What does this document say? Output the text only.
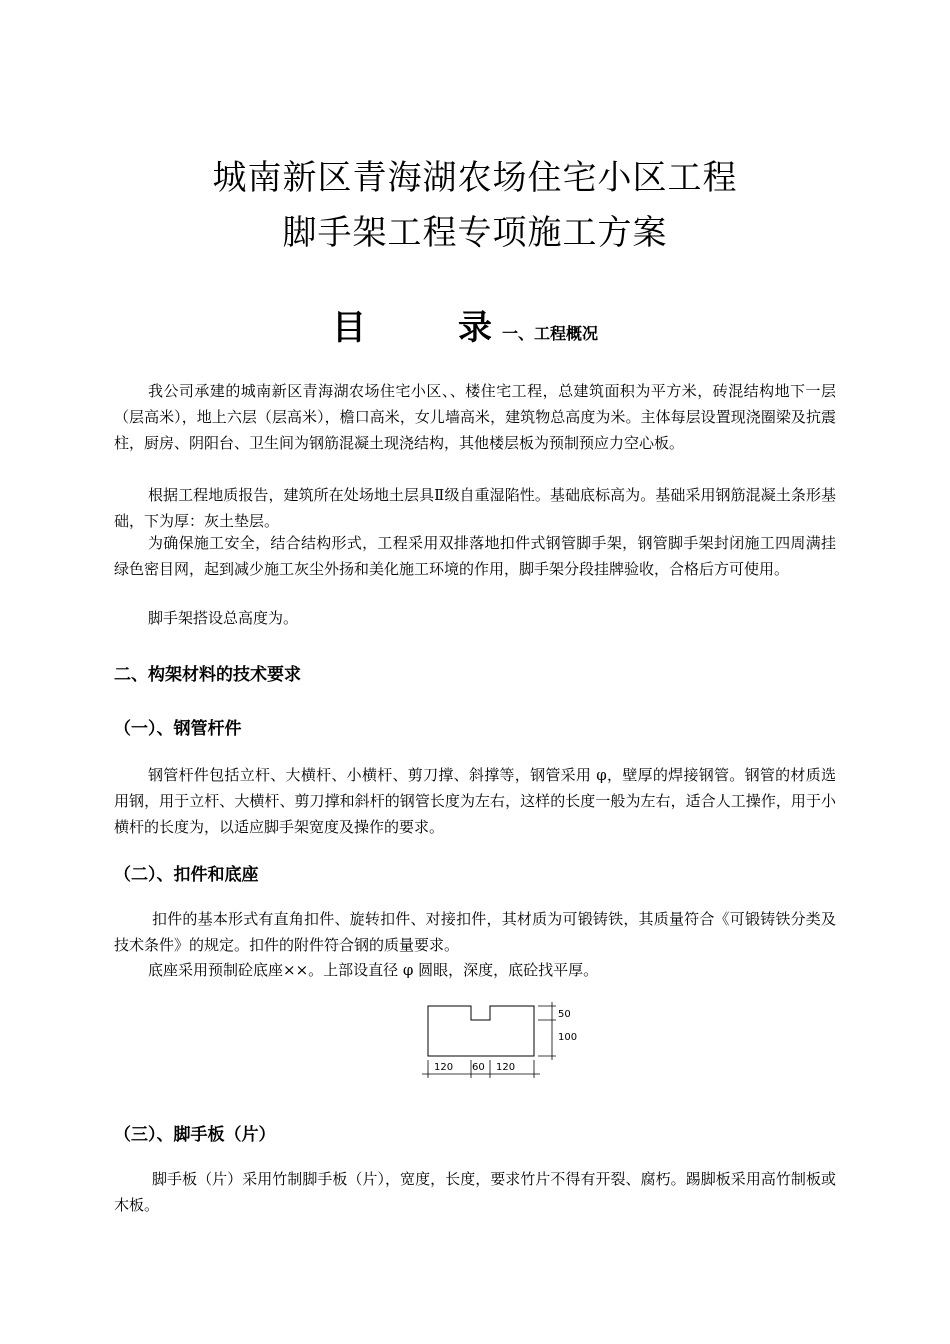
城南新区青海湖农场住宅小区工程
脚手架工程专项施工方案
目	录 一、工程概况

我公司承建的城南新区青海湖农场住宅小区、、楼住宅工程，总建筑面积为平方米，砖混结构地下一层（层高米），地上六层（层高米），檐口高米，女儿墙高米，建筑物总高度为米。主体每层设置现浇圈梁及抗震柱，厨房、阴阳台、卫生间为钢筋混凝土现浇结构，其他楼层板为预制预应力空心板。

根据工程地质报告，建筑所在处场地土层具Ⅱ级自重湿陷性。基础底标高为。基础采用钢筋混凝土条形基础，下为厚：灰土垫层。

为确保施工安全，结合结构形式，工程采用双排落地扣件式钢管脚手架，钢管脚手架封闭施工四周满挂绿色密目网，起到减少施工灰尘外扬和美化施工环境的作用，脚手架分段挂牌验收，合格后方可使用。

脚手架搭设总高度为。

二、构架材料的技术要求
（一）、钢管杆件

钢管杆件包括立杆、大横杆、小横杆、剪刀撑、斜撑等，钢管采用 φ，壁厚的焊接钢管。钢管的材质选用钢，用于立杆、大横杆、剪刀撑和斜杆的钢管长度为左右，这样的长度一般为左右，适合人工操作，用于小横杆的长度为，以适应脚手架宽度及操作的要求。

（二）、扣件和底座

扣件的基本形式有直角扣件、旋转扣件、对接扣件，其材质为可锻铸铁，其质量符合《可锻铸铁分类及技术条件》的规定。扣件的附件符合钢的质量要求。

底座采用预制砼底座××。上部设直径 φ 圆眼，深度，底砼找平厚。

50
100
120 60 120
（三）、脚手板（片）

脚手板（片）采用竹制脚手板（片），宽度，长度，要求竹片不得有开裂、腐朽。踢脚板采用高竹制板或木板。
